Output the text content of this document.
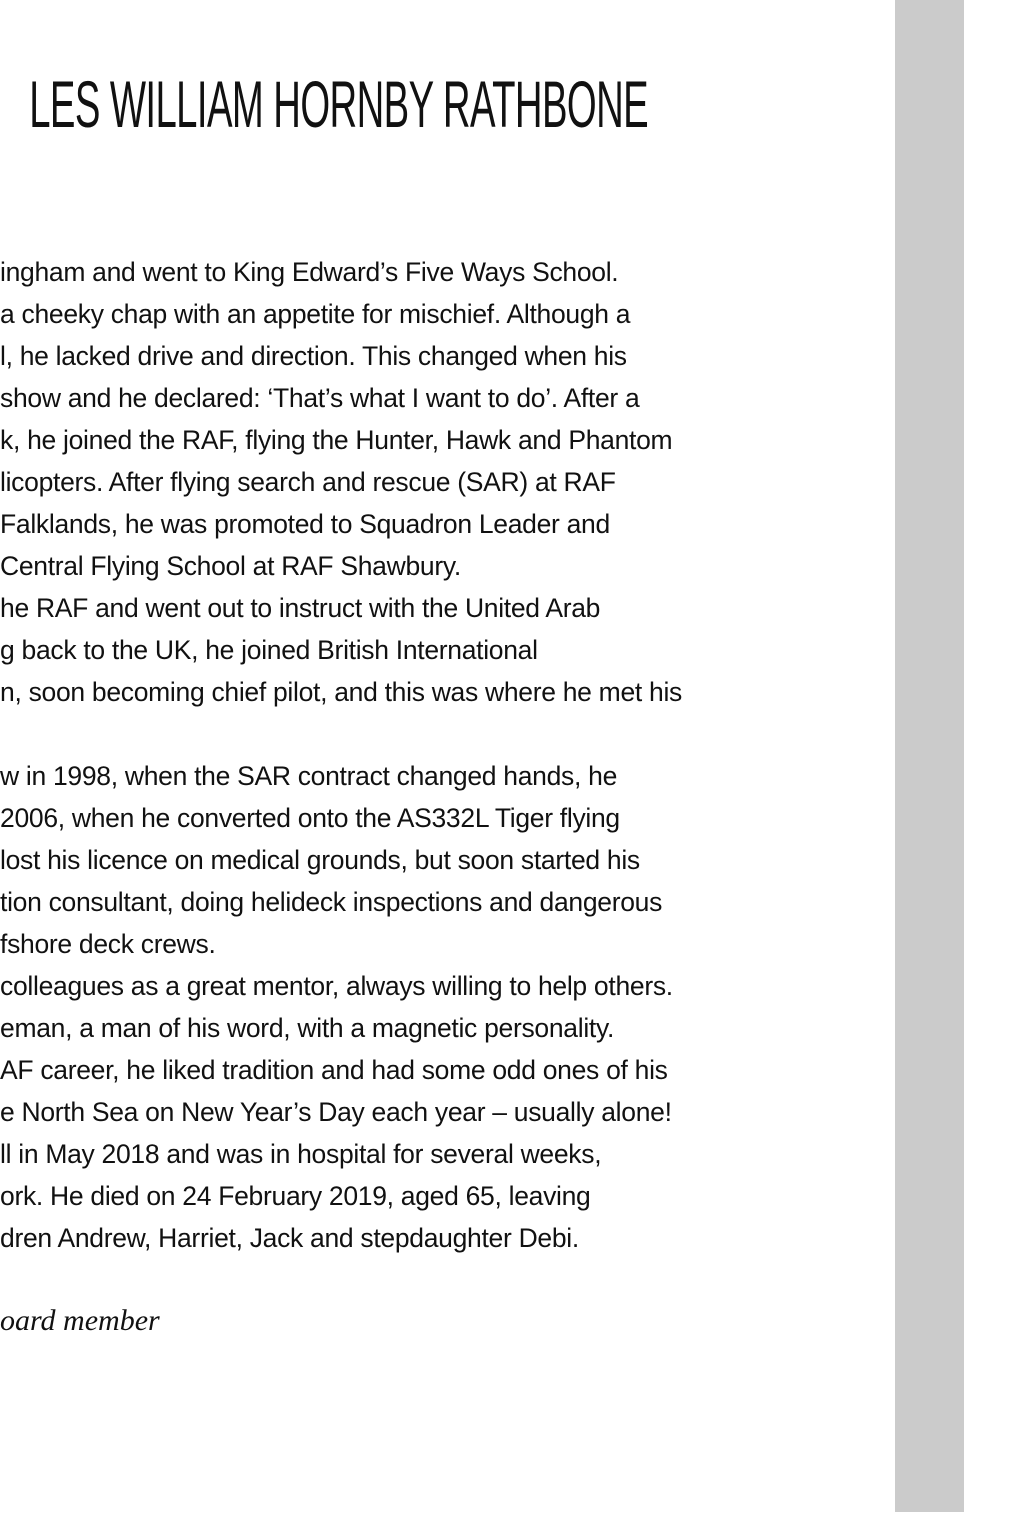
LES WILLIAM HORNBY RATHBONE
ingham and went to King Edward’s Five Ways School.
a cheeky chap with an appetite for mischief. Although a
l, he lacked drive and direction. This changed when his
show and he declared: ‘That’s what I want to do’. After a
k, he joined the RAF, flying the Hunter, Hawk and Phantom
licopters. After flying search and rescue (SAR) at RAF
Falklands, he was promoted to Squadron Leader and
Central Flying School at RAF Shawbury.
he RAF and went out to instruct with the United Arab
g back to the UK, he joined British International
n, soon becoming chief pilot, and this was where he met his
w in 1998, when the SAR contract changed hands, he
2006, when he converted onto the AS332L Tiger flying
lost his licence on medical grounds, but soon started his
tion consultant, doing helideck inspections and dangerous
fshore deck crews.
colleagues as a great mentor, always willing to help others.
eman, a man of his word, with a magnetic personality.
AF career, he liked tradition and had some odd ones of his
e North Sea on New Year’s Day each year – usually alone!
ll in May 2018 and was in hospital for several weeks,
ork. He died on 24 February 2019, aged 65, leaving
dren Andrew, Harriet, Jack and stepdaughter Debi.
oard member
